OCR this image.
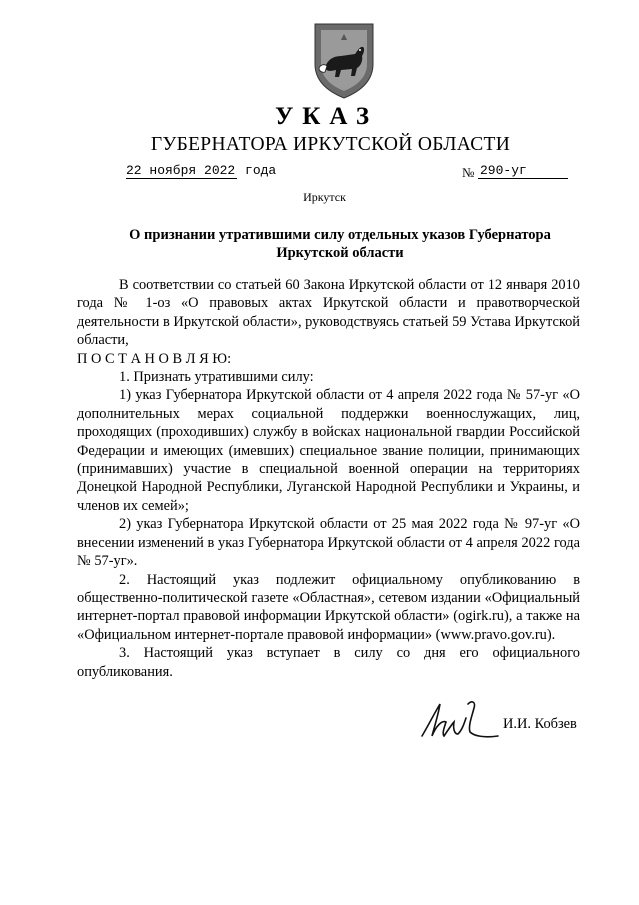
УКАЗ
ГУБЕРНАТОРА ИРКУТСКОЙ ОБЛАСТИ
22 ноября 2022 года	№ 290-уг
Иркутск
О признании утратившими силу отдельных указов Губернатора
Иркутской области

В соответствии со статьей 60 Закона Иркутской области от 12 января 2010 года № 1-оз «О правовых актах Иркутской области и правотворческой деятельности в Иркутской области», руководствуясь статьей 59 Устава Иркутской области,

П О С Т А Н О В Л Я Ю:

1. Признать утратившими силу:

1) указ Губернатора Иркутской области от 4 апреля 2022 года № 57-уг «О дополнительных мерах социальной поддержки военнослужащих, лиц, проходящих (проходивших) службу в войсках национальной гвардии Российской Федерации и имеющих (имевших) специальное звание полиции, принимающих (принимавших) участие в специальной военной операции на территориях Донецкой Народной Республики, Луганской Народной Республики и Украины, и членов их семей»;

2) указ Губернатора Иркутской области от 25 мая 2022 года № 97-уг «О внесении изменений в указ Губернатора Иркутской области от 4 апреля 2022 года № 57-уг».

2. Настоящий указ подлежит официальному опубликованию в общественно-политической газете «Областная», сетевом издании «Официальный интернет-портал правовой информации Иркутской области» (ogirk.ru), а также на «Официальном интернет-портале правовой информации» (www.pravo.gov.ru).

3. Настоящий указ вступает в силу со дня его официального опубликования.

И.И. Кобзев
